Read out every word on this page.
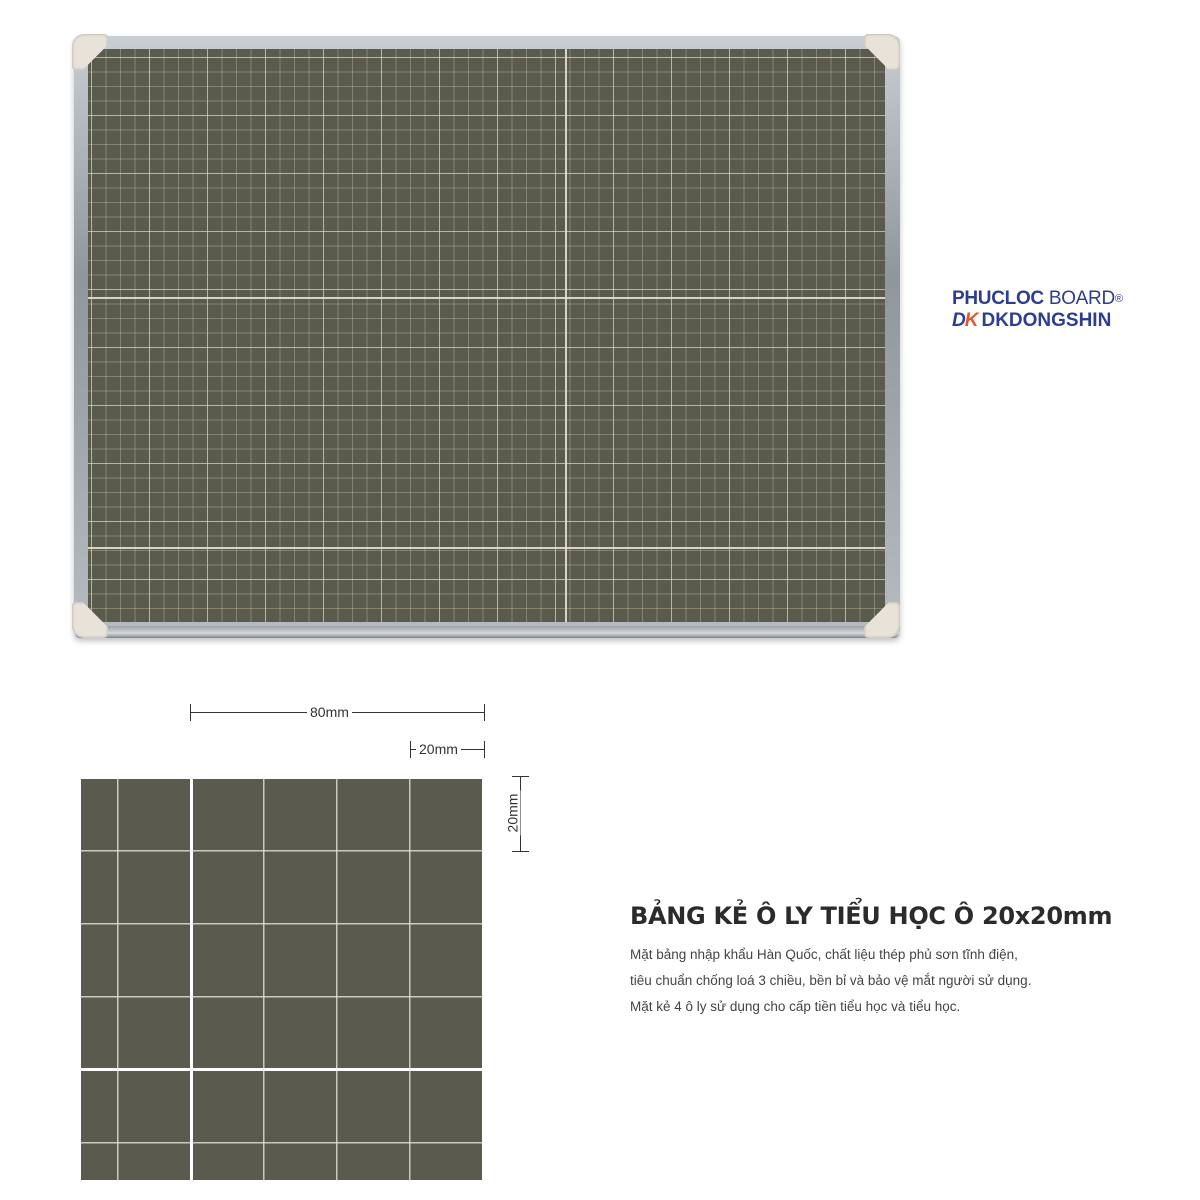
PHUCLOC BOARD®
DK DKDONGSHIN
80mm
20mm
20mm
BẢNG KẺ Ô LY TIỂU HỌC Ô 20x20mm
Mặt bảng nhập khẩu Hàn Quốc, chất liệu thép phủ sơn tĩnh điện,
tiêu chuẩn chống loá 3 chiều, bền bỉ và bảo vệ mắt người sử dụng.
Mặt kẻ 4 ô ly sử dụng cho cấp tiền tiểu học và tiểu học.
